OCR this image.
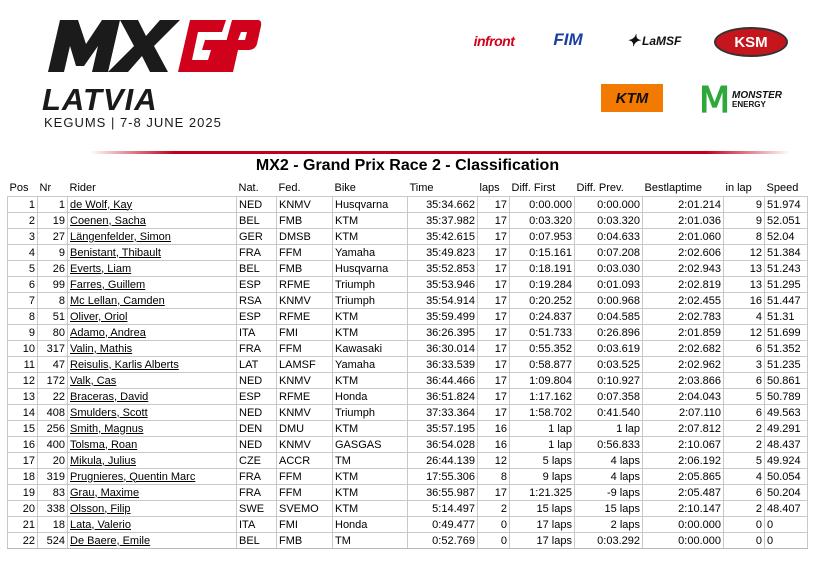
LATVIA
KEGUMS | 7-8 JUNE 2025
infront	FIM	✦ LaMSF	KSM
KTM	Ⅿ MONSTER
ENERGY
MX2 - Grand Prix Race 2 - Classification
Pos	Nr	Rider	Nat.	Fed.	Bike	Time	laps	Diff. First	Diff. Prev.	Bestlaptime	in lap	Speed
1	1	de Wolf, Kay	NED	KNMV	Husqvarna	35:34.662	17	0:00.000	0:00.000	2:01.214	9	51.974
2	19	Coenen, Sacha	BEL	FMB	KTM	35:37.982	17	0:03.320	0:03.320	2:01.036	9	52.051
3	27	Längenfelder, Simon	GER	DMSB	KTM	35:42.615	17	0:07.953	0:04.633	2:01.060	8	52.04
4	9	Benistant, Thibault	FRA	FFM	Yamaha	35:49.823	17	0:15.161	0:07.208	2:02.606	12	51.384
5	26	Everts, Liam	BEL	FMB	Husqvarna	35:52.853	17	0:18.191	0:03.030	2:02.943	13	51.243
6	99	Farres, Guillem	ESP	RFME	Triumph	35:53.946	17	0:19.284	0:01.093	2:02.819	13	51.295
7	8	Mc Lellan, Camden	RSA	KNMV	Triumph	35:54.914	17	0:20.252	0:00.968	2:02.455	16	51.447
8	51	Oliver, Oriol	ESP	RFME	KTM	35:59.499	17	0:24.837	0:04.585	2:02.783	4	51.31
9	80	Adamo, Andrea	ITA	FMI	KTM	36:26.395	17	0:51.733	0:26.896	2:01.859	12	51.699
10	317	Valin, Mathis	FRA	FFM	Kawasaki	36:30.014	17	0:55.352	0:03.619	2:02.682	6	51.352
11	47	Reisulis, Karlis Alberts	LAT	LAMSF	Yamaha	36:33.539	17	0:58.877	0:03.525	2:02.962	3	51.235
12	172	Valk, Cas	NED	KNMV	KTM	36:44.466	17	1:09.804	0:10.927	2:03.866	6	50.861
13	22	Braceras, David	ESP	RFME	Honda	36:51.824	17	1:17.162	0:07.358	2:04.043	5	50.789
14	408	Smulders, Scott	NED	KNMV	Triumph	37:33.364	17	1:58.702	0:41.540	2:07.110	6	49.563
15	256	Smith, Magnus	DEN	DMU	KTM	35:57.195	16	1 lap	1 lap	2:07.812	2	49.291
16	400	Tolsma, Roan	NED	KNMV	GASGAS	36:54.028	16	1 lap	0:56.833	2:10.067	2	48.437
17	20	Mikula, Julius	CZE	ACCR	TM	26:44.139	12	5 laps	4 laps	2:06.192	5	49.924
18	319	Prugnieres, Quentin Marc	FRA	FFM	KTM	17:55.306	8	9 laps	4 laps	2:05.865	4	50.054
19	83	Grau, Maxime	FRA	FFM	KTM	36:55.987	17	1:21.325	-9 laps	2:05.487	6	50.204
20	338	Olsson, Filip	SWE	SVEMO	KTM	5:14.497	2	15 laps	15 laps	2:10.147	2	48.407
21	18	Lata, Valerio	ITA	FMI	Honda	0:49.477	0	17 laps	2 laps	0:00.000	0	0
22	524	De Baere, Emile	BEL	FMB	TM	0:52.769	0	17 laps	0:03.292	0:00.000	0	0
